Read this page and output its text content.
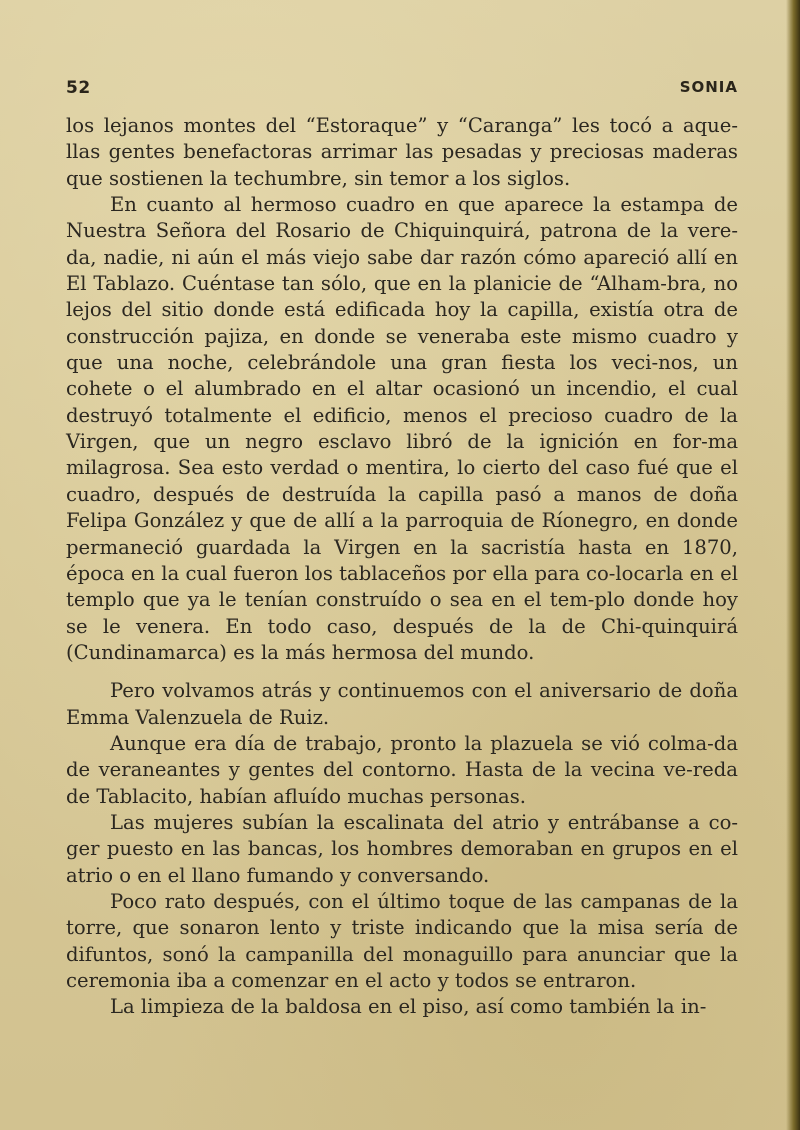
52	SONIA

los lejanos montes del “Estoraque” y “Caranga” les tocó a aque-llas gentes benefactoras arrimar las pesadas y preciosas maderas que sostienen la techumbre, sin temor a los siglos.

En cuanto al hermoso cuadro en que aparece la estampa de Nuestra Señora del Rosario de Chiquinquirá, patrona de la vere-da, nadie, ni aún el más viejo sabe dar razón cómo apareció allí en El Tablazo. Cuéntase tan sólo, que en la planicie de “Alham-bra, no lejos del sitio donde está edificada hoy la capilla, existía otra de construcción pajiza, en donde se veneraba este mismo cuadro y que una noche, celebrándole una gran fiesta los veci-nos, un cohete o el alumbrado en el altar ocasionó un incendio, el cual destruyó totalmente el edificio, menos el precioso cuadro de la Virgen, que un negro esclavo libró de la ignición en for-ma milagrosa. Sea esto verdad o mentira, lo cierto del caso fué que el cuadro, después de destruída la capilla pasó a manos de doña Felipa González y que de allí a la parroquia de Ríonegro, en donde permaneció guardada la Virgen en la sacristía hasta en 1870, época en la cual fueron los tablaceños por ella para co-locarla en el templo que ya le tenían construído o sea en el tem-plo donde hoy se le venera. En todo caso, después de la de Chi-quinquirá (Cundinamarca) es la más hermosa del mundo.

Pero volvamos atrás y continuemos con el aniversario de doña Emma Valenzuela de Ruiz.

Aunque era día de trabajo, pronto la plazuela se vió colma-da de veraneantes y gentes del contorno. Hasta de la vecina ve-reda de Tablacito, habían afluído muchas personas.

Las mujeres subían la escalinata del atrio y entrábanse a co-ger puesto en las bancas, los hombres demoraban en grupos en el atrio o en el llano fumando y conversando.

Poco rato después, con el último toque de las campanas de la torre, que sonaron lento y triste indicando que la misa sería de difuntos, sonó la campanilla del monaguillo para anunciar que la ceremonia iba a comenzar en el acto y todos se entraron.

La limpieza de la baldosa en el piso, así como también la in-
